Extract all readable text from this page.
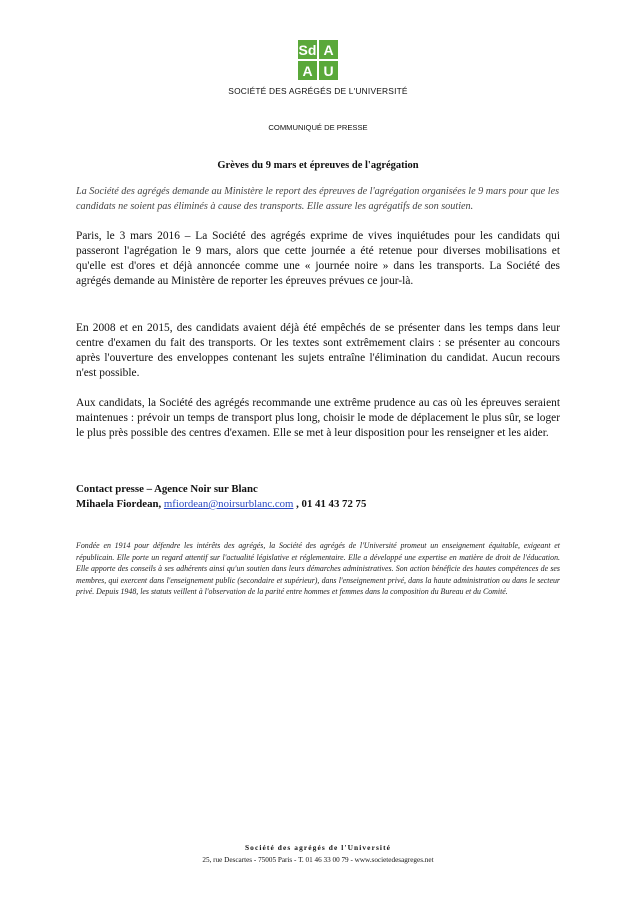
Sd A
A U
SOCIÉTÉ DES AGRÉGÉS DE L'UNIVERSITÉ
COMMUNIQUÉ DE PRESSE
Grèves du 9 mars et épreuves de l'agrégation
La Société des agrégés demande au Ministère le report des épreuves de l'agrégation organisées le 9 mars pour que les candidats ne soient pas éliminés à cause des transports. Elle assure les agrégatifs de son soutien.
Paris, le 3 mars 2016 – La Société des agrégés exprime de vives inquiétudes pour les candidats qui passeront l'agrégation le 9 mars, alors que cette journée a été retenue pour diverses mobilisations et qu'elle est d'ores et déjà annoncée comme une « journée noire » dans les transports. La Société des agrégés demande au Ministère de reporter les épreuves prévues ce jour-là.
En 2008 et en 2015, des candidats avaient déjà été empêchés de se présenter dans les temps dans leur centre d'examen du fait des transports. Or les textes sont extrêmement clairs : se présenter au concours après l'ouverture des enveloppes contenant les sujets entraîne l'élimination du candidat. Aucun recours n'est possible.
Aux candidats, la Société des agrégés recommande une extrême prudence au cas où les épreuves seraient maintenues : prévoir un temps de transport plus long, choisir le mode de déplacement le plus sûr, se loger le plus près possible des centres d'examen. Elle se met à leur disposition pour les renseigner et les aider.
Contact presse – Agence Noir sur Blanc
Mihaela Fiordean, mfiordean@noirsurblanc.com , 01 41 43 72 75
Fondée en 1914 pour défendre les intérêts des agrégés, la Société des agrégés de l'Université promeut un enseignement équitable, exigeant et républicain. Elle porte un regard attentif sur l'actualité législative et réglementaire. Elle a développé une expertise en matière de droit de l'éducation. Elle apporte des conseils à ses adhérents ainsi qu'un soutien dans leurs démarches administratives. Son action bénéficie des hautes compétences de ses membres, qui exercent dans l'enseignement public (secondaire et supérieur), dans l'enseignement privé, dans la haute administration ou dans le secteur privé. Depuis 1948, les statuts veillent à l'observation de la parité entre hommes et femmes dans la composition du Bureau et du Comité.
Société des agrégés de l'Université
25, rue Descartes - 75005 Paris - T. 01 46 33 00 79 - www.societedesagreges.net
